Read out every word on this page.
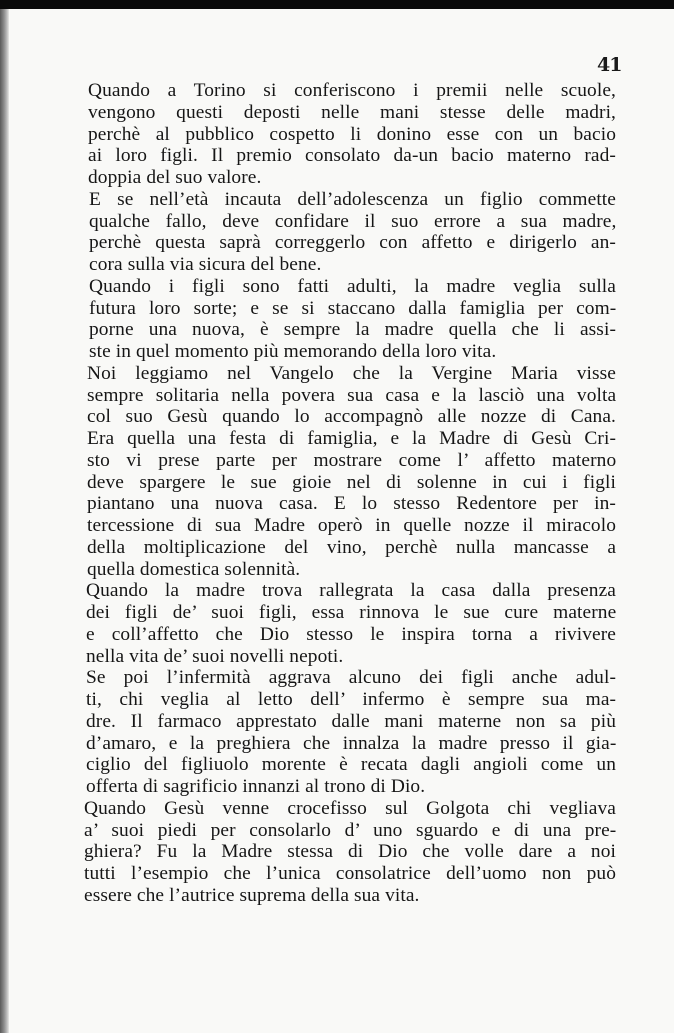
41

Quando a Torino si conferiscono i premii nelle scuole,
vengono questi deposti nelle mani stesse delle madri,
perchè al pubblico cospetto li donino esse con un bacio
ai loro figli. Il premio consolato da-un bacio materno rad-
doppia del suo valore.

E se nell’età incauta dell’adolescenza un figlio commette
qualche fallo, deve confidare il suo errore a sua madre,
perchè questa saprà correggerlo con affetto e dirigerlo an-
cora sulla via sicura del bene.

Quando i figli sono fatti adulti, la madre veglia sulla
futura loro sorte; e se si staccano dalla famiglia per com-
porne una nuova, è sempre la madre quella che li assi-
ste in quel momento più memorando della loro vita.

Noi leggiamo nel Vangelo che la Vergine Maria visse
sempre solitaria nella povera sua casa e la lasciò una volta
col suo Gesù quando lo accompagnò alle nozze di Cana.
Era quella una festa di famiglia, e la Madre di Gesù Cri-
sto vi prese parte per mostrare come l’ affetto materno
deve spargere le sue gioie nel di solenne in cui i figli
piantano una nuova casa. E lo stesso Redentore per in-
tercessione di sua Madre operò in quelle nozze il miracolo
della moltiplicazione del vino, perchè nulla mancasse a
quella domestica solennità.

Quando la madre trova rallegrata la casa dalla presenza
dei figli de’ suoi figli, essa rinnova le sue cure materne
e coll’affetto che Dio stesso le inspira torna a rivivere
nella vita de’ suoi novelli nepoti.

Se poi l’infermità aggrava alcuno dei figli anche adul-
ti, chi veglia al letto dell’ infermo è sempre sua ma-
dre. Il farmaco apprestato dalle mani materne non sa più
d’amaro, e la preghiera che innalza la madre presso il gia-
ciglio del figliuolo morente è recata dagli angioli come un
offerta di sagrificio innanzi al trono di Dio.

Quando Gesù venne crocefisso sul Golgota chi vegliava
a’ suoi piedi per consolarlo d’ uno sguardo e di una pre-
ghiera? Fu la Madre stessa di Dio che volle dare a noi
tutti l’esempio che l’unica consolatrice dell’uomo non può
essere che l’autrice suprema della sua vita.
